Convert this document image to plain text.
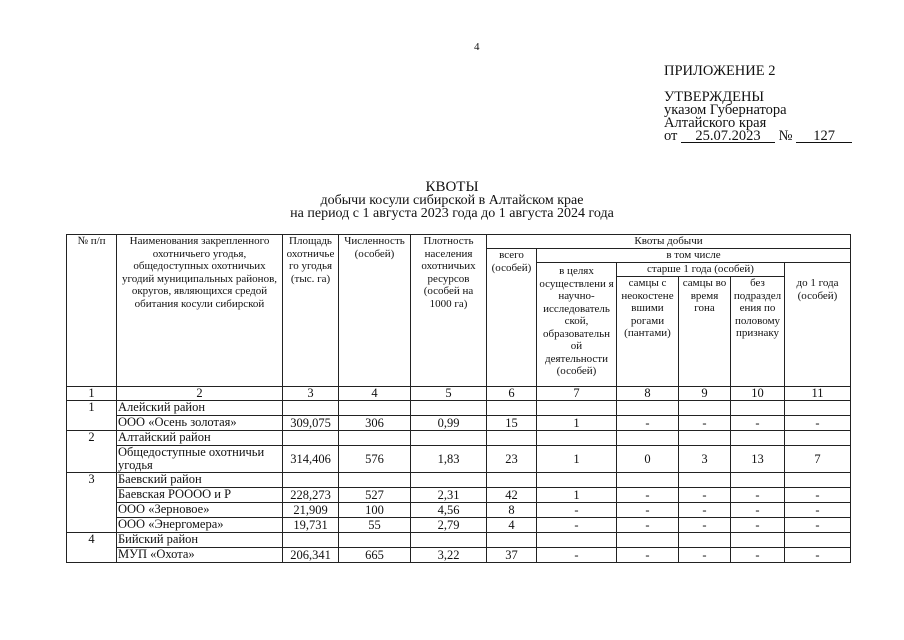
4
ПРИЛОЖЕНИЕ 2
УТВЕРЖДЕНЫ
указом Губернатора
Алтайского края
от 25.07.2023 № 127
КВОТЫ
добычи косули сибирской в Алтайском крае
на период с 1 августа 2023 года до 1 августа 2024 года
№ п/п	Наименования закрепленного охотничьего угодья, общедоступных охотничьих угодий муниципальных районов, округов, являющихся средой обитания косули сибирской	Площадь охотничье го угодья (тыс. га)	Численность (особей)	Плотность населения охотничьих ресурсов (особей на 1000 га)	Квоты добычи					
					всего (особей)	в том числе				
						в целях осуществлени я научно-исследователь ской, образовательн ой деятельности (особей)	старше 1 года (особей)			до 1 года (особей)
							самцы с неокостене вшими рогами (пантами)	самцы во время гона	без подраздел ения по половому признаку	

1	2	3	4	5	6	7	8	9	10	11
1	Алейский район									
	ООО «Осень золотая»	309,075	306	0,99	15	1	-	-	-	-
2	Алтайский район									
	Общедоступные охотничьи угодья	314,406	576	1,83	23	1	0	3	13	7
3	Баевский район									
	Баевская РОООО и Р	228,273	527	2,31	42	1	-	-	-	-
	ООО «Зерновое»	21,909	100	4,56	8	-	-	-	-	-
	ООО «Энергомера»	19,731	55	2,79	4	-	-	-	-	-
4	Бийский район									
	МУП «Охота»	206,341	665	3,22	37	-	-	-	-	-
